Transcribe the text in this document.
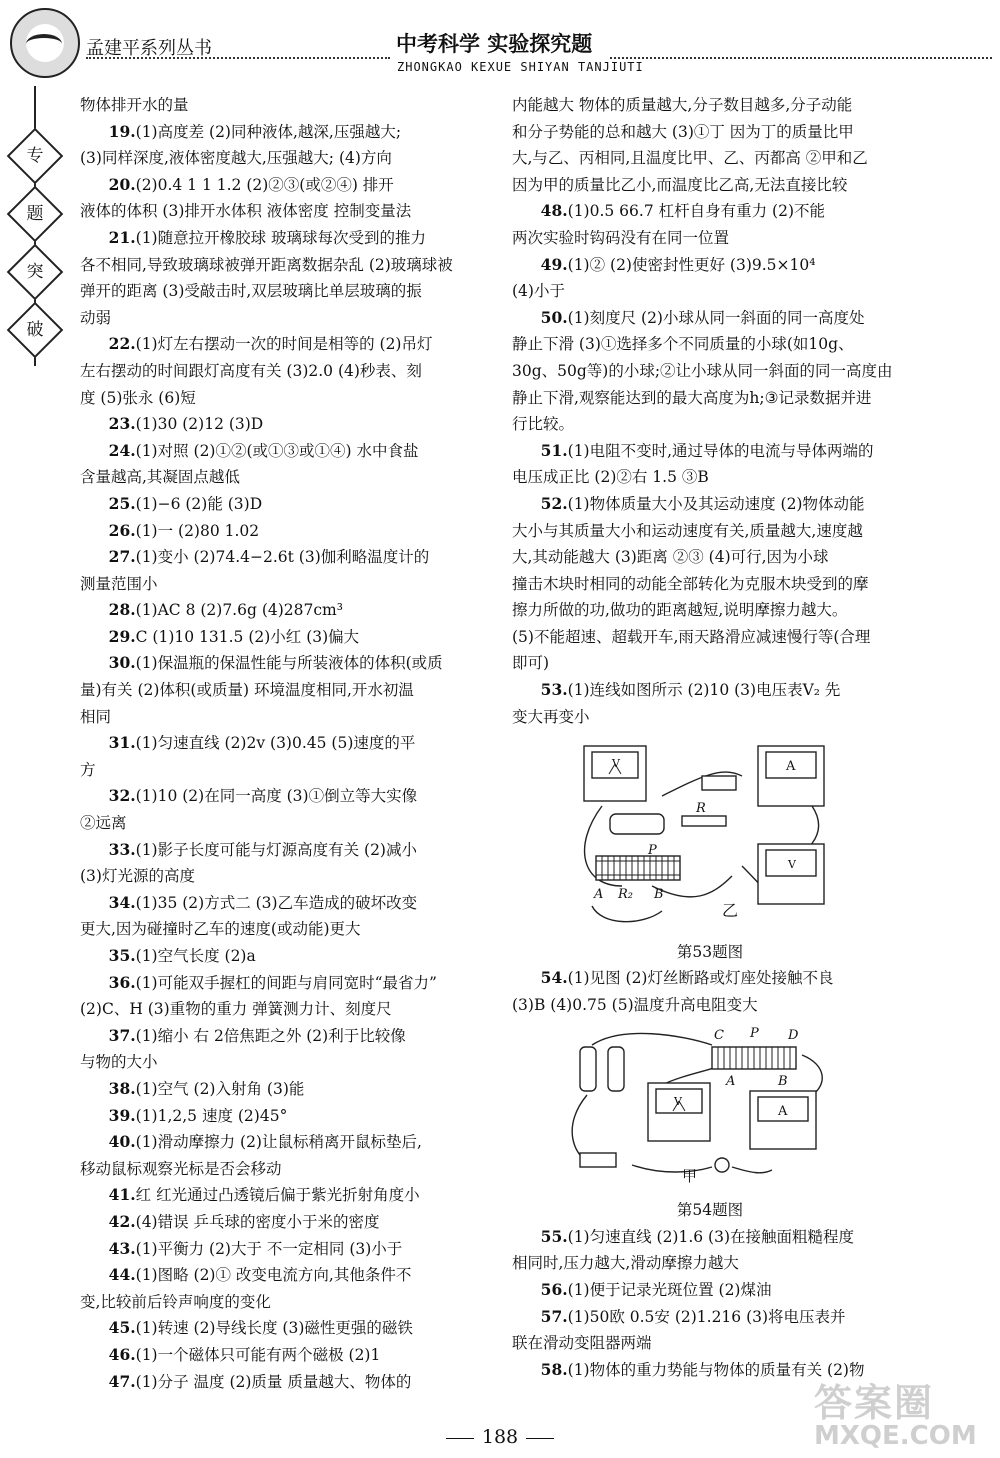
孟建平系列丛书	中考科学 实验探究题
ZHONGKAO KEXUE SHIYAN TANJIUTI
专
题
突
破

物体排开水的量

19.(1)高度差 (2)同种液体,越深,压强越大;

(3)同样深度,液体密度越大,压强越大; (4)方向

20.(2)0.4 1 1 1.2 (2)②③(或②④) 排开

液体的体积 (3)排开水体积 液体密度 控制变量法

21.(1)随意拉开橡胶球 玻璃球每次受到的推力

各不相同,导致玻璃球被弹开距离数据杂乱 (2)玻璃球被

弹开的距离 (3)受敲击时,双层玻璃比单层玻璃的振

动弱

22.(1)灯左右摆动一次的时间是相等的 (2)吊灯

左右摆动的时间跟灯高度有关 (3)2.0 (4)秒表、刻

度 (5)张永 (6)短

23.(1)30 (2)12 (3)D

24.(1)对照 (2)①②(或①③或①④) 水中食盐

含量越高,其凝固点越低

25.(1)−6 (2)能 (3)D

26.(1)一 (2)80 1.02

27.(1)变小 (2)74.4−2.6t (3)伽利略温度计的

测量范围小

28.(1)AC 8 (2)7.6g (4)287cm³

29.C (1)10 131.5 (2)小红 (3)偏大

30.(1)保温瓶的保温性能与所装液体的体积(或质

量)有关 (2)体积(或质量) 环境温度相同,开水初温

相同

31.(1)匀速直线 (2)2v (3)0.45 (5)速度的平

方

32.(1)10 (2)在同一高度 (3)①倒立等大实像

②远离

33.(1)影子长度可能与灯源高度有关 (2)减小

(3)灯光源的高度

34.(1)35 (2)方式二 (3)乙车造成的破坏改变

更大,因为碰撞时乙车的速度(或动能)更大

35.(1)空气长度 (2)a

36.(1)可能双手握杠的间距与肩同宽时“最省力”

(2)C、H (3)重物的重力 弹簧测力计、刻度尺

37.(1)缩小 右 2倍焦距之外 (2)利于比较像

与物的大小

38.(1)空气 (2)入射角 (3)能

39.(1)1,2,5 速度 (2)45°

40.(1)滑动摩擦力 (2)让鼠标稍离开鼠标垫后,

移动鼠标观察光标是否会移动

41.红 红光通过凸透镜后偏于紫光折射角度小

42.(4)错误 乒乓球的密度小于米的密度

43.(1)平衡力 (2)大于 不一定相同 (3)小于

44.(1)图略 (2)① 改变电流方向,其他条件不

变,比较前后铃声响度的变化

45.(1)转速 (2)导线长度 (3)磁性更强的磁铁

46.(1)一个磁体只可能有两个磁极 (2)1

47.(1)分子 温度 (2)质量 质量越大、物体的

内能越大 物体的质量越大,分子数目越多,分子动能

和分子势能的总和越大 (3)①丁 因为丁的质量比甲

大,与乙、丙相同,且温度比甲、乙、丙都高 ②甲和乙

因为甲的质量比乙小,而温度比乙高,无法直接比较

48.(1)0.5 66.7 杠杆自身有重力 (2)不能

两次实验时钩码没有在同一位置

49.(1)② (2)使密封性更好 (3)9.5×10⁴

(4)小于

50.(1)刻度尺 (2)小球从同一斜面的同一高度处

静止下滑 (3)①选择多个不同质量的小球(如10g、

30g、50g等)的小球;②让小球从同一斜面的同一高度由

静止下滑,观察能达到的最大高度为h;③记录数据并进

行比较。

51.(1)电阻不变时,通过导体的电流与导体两端的

电压成正比 (2)②右 1.5 ③B

52.(1)物体质量大小及其运动速度 (2)物体动能

大小与其质量大小和运动速度有关,质量越大,速度越

大,其动能越大 (3)距离 ②③ (4)可行,因为小球

撞击木块时相同的动能全部转化为克服木块受到的摩

擦力所做的功,做功的距离越短,说明摩擦力越大。

(5)不能超速、超载开车,雨天路滑应减速慢行等(合理

即可)

53.(1)连线如图所示 (2)10 (3)电压表V₂ 先

变大再变小

V	A
V
R
P
A R₂ B
乙

第53题图

54.(1)见图 (2)灯丝断路或灯座处接触不良

(3)B (4)0.75 (5)温度升高电阻变大

V
A
C P D
A	B
甲

第54题图

55.(1)匀速直线 (2)1.6 (3)在接触面粗糙程度

相同时,压力越大,滑动摩擦力越大

56.(1)便于记录光斑位置 (2)煤油

57.(1)50欧 0.5安 (2)1.216 (3)将电压表并

联在滑动变阻器两端

58.(1)物体的重力势能与物体的质量有关 (2)物

188
答案圈
MXQE.COM
